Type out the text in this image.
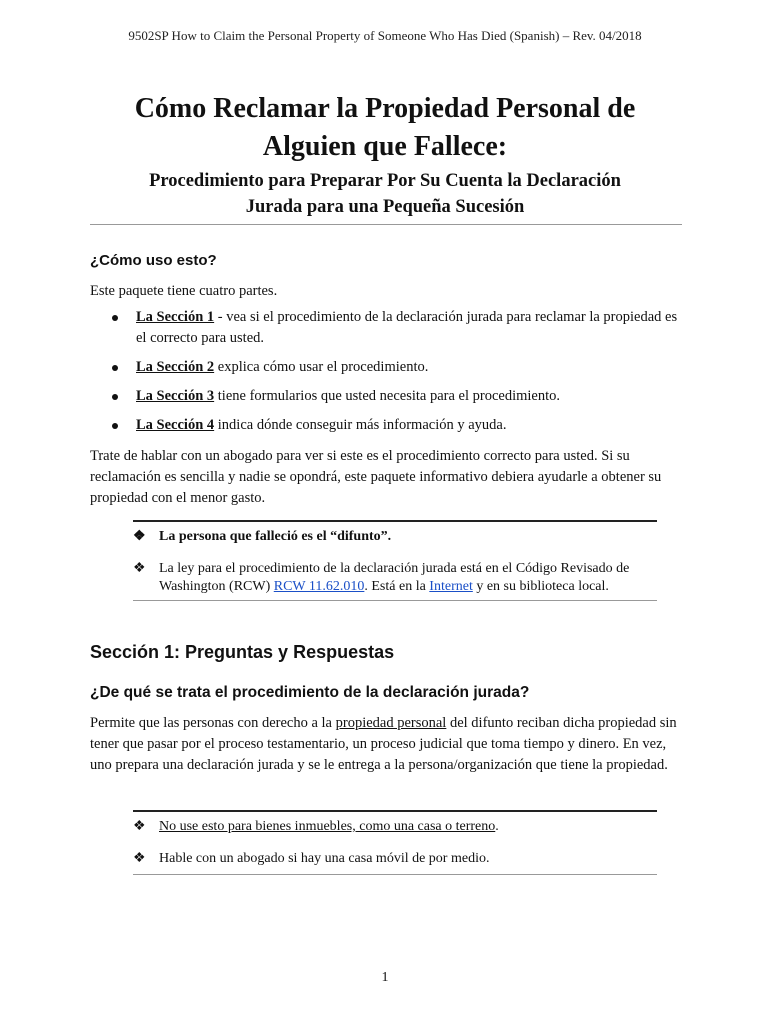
9502SP How to Claim the Personal Property of Someone Who Has Died (Spanish) – Rev. 04/2018
Cómo Reclamar la Propiedad Personal de
Alguien que Fallece:
Procedimiento para Preparar Por Su Cuenta la Declaración
Jurada para una Pequeña Sucesión
¿Cómo uso esto?
Este paquete tiene cuatro partes.
La Sección 1 - vea si el procedimiento de la declaración jurada para reclamar la propiedad es el correcto para usted.
La Sección 2 explica cómo usar el procedimiento.
La Sección 3 tiene formularios que usted necesita para el procedimiento.
La Sección 4 indica dónde conseguir más información y ayuda.
Trate de hablar con un abogado para ver si este es el procedimiento correcto para usted. Si su reclamación es sencilla y nadie se opondrá, este paquete informativo debiera ayudarle a obtener su propiedad con el menor gasto.
❖ La persona que falleció es el “difunto”.
❖ La ley para el procedimiento de la declaración jurada está en el Código Revisado de Washington (RCW) RCW 11.62.010. Está en la Internet y en su biblioteca local.
Sección 1: Preguntas y Respuestas
¿De qué se trata el procedimiento de la declaración jurada?
Permite que las personas con derecho a la propiedad personal del difunto reciban dicha propiedad sin tener que pasar por el proceso testamentario, un proceso judicial que toma tiempo y dinero. En vez, uno prepara una declaración jurada y se le entrega a la persona/organización que tiene la propiedad.
❖ No use esto para bienes inmuebles, como una casa o terreno.
❖ Hable con un abogado si hay una casa móvil de por medio.
1
